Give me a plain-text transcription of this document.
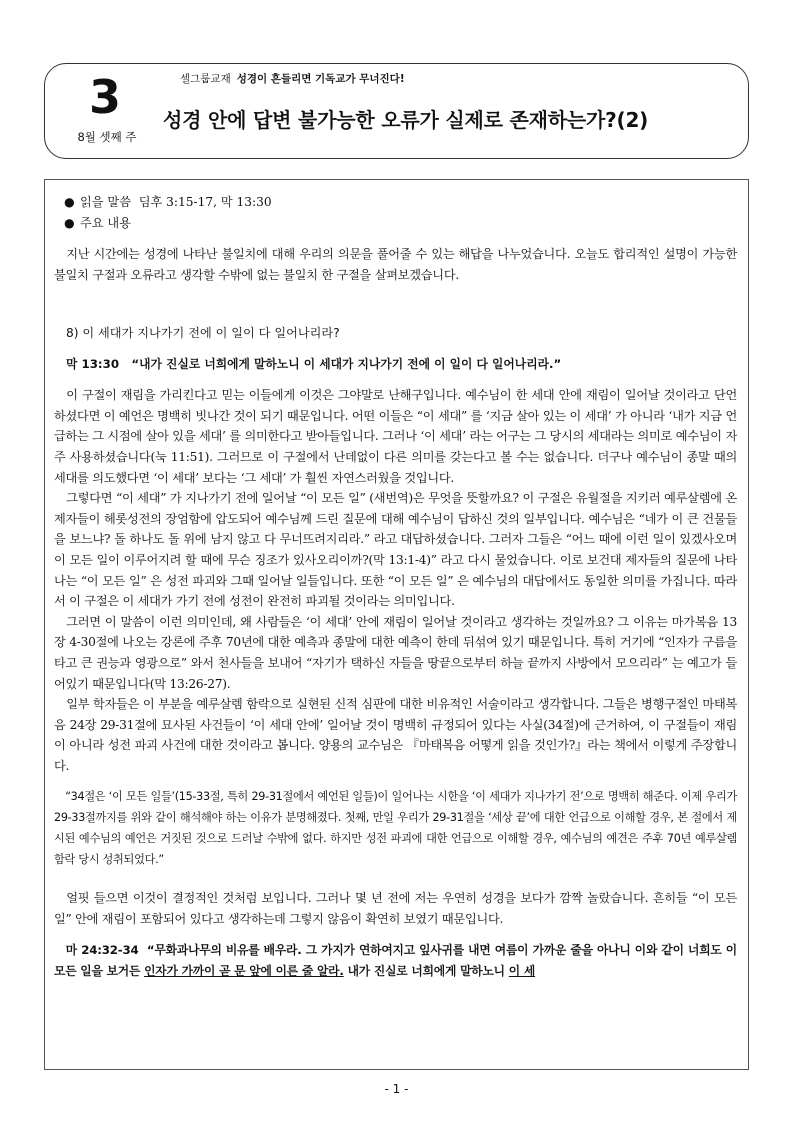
3
8월 셋째 주
셀그룹교재 성경이 흔들리면 기독교가 무너진다!
성경 안에 답변 불가능한 오류가 실제로 존재하는가?(2)
● 읽을 말씀 딤후 3:15-17, 막 13:30
● 주요 내용

지난 시간에는 성경에 나타난 불일치에 대해 우리의 의문을 풀어줄 수 있는 해답을 나누었습니다. 오늘도 합리적인 설명이 가능한 불일치 구절과 오류라고 생각할 수밖에 없는 불일치 한 구절을 살펴보겠습니다.

8) 이 세대가 지나가기 전에 이 일이 다 일어나리라?
막 13:30 “내가 진실로 너희에게 말하노니 이 세대가 지나가기 전에 이 일이 다 일어나리라.”

이 구절이 재림을 가리킨다고 믿는 이들에게 이것은 그야말로 난해구입니다. 예수님이 한 세대 안에 재림이 일어날 것이라고 단언하셨다면 이 예언은 명백히 빗나간 것이 되기 때문입니다. 어떤 이들은 “이 세대” 를 ‘지금 살아 있는 이 세대’ 가 아니라 ‘내가 지금 언급하는 그 시점에 살아 있을 세대’ 를 의미한다고 받아들입니다. 그러나 ‘이 세대’ 라는 어구는 그 당시의 세대라는 의미로 예수님이 자주 사용하셨습니다(눅 11:51). 그러므로 이 구절에서 난데없이 다른 의미를 갖는다고 볼 수는 없습니다. 더구나 예수님이 종말 때의 세대를 의도했다면 ‘이 세대’ 보다는 ‘그 세대’ 가 훨씬 자연스러웠을 것입니다.

그렇다면 “이 세대” 가 지나가기 전에 일어날 “이 모든 일” (새번역)은 무엇을 뜻할까요? 이 구절은 유월절을 지키러 예루살렘에 온 제자들이 헤롯성전의 장엄함에 압도되어 예수님께 드린 질문에 대해 예수님이 답하신 것의 일부입니다. 예수님은 “네가 이 큰 건물들을 보느냐? 돌 하나도 돌 위에 남지 않고 다 무너뜨려지리라.” 라고 대답하셨습니다. 그러자 그들은 “어느 때에 이런 일이 있겠사오며 이 모든 일이 이루어지려 할 때에 무슨 징조가 있사오리이까?(막 13:1-4)” 라고 다시 물었습니다. 이로 보건대 제자들의 질문에 나타나는 “이 모든 일” 은 성전 파괴와 그때 일어날 일들입니다. 또한 “이 모든 일” 은 예수님의 대답에서도 동일한 의미를 가집니다. 따라서 이 구절은 이 세대가 가기 전에 성전이 완전히 파괴될 것이라는 의미입니다.

그러면 이 말씀이 이런 의미인데, 왜 사람들은 ‘이 세대’ 안에 재림이 일어날 것이라고 생각하는 것일까요? 그 이유는 마가복음 13장 4-30절에 나오는 강론에 주후 70년에 대한 예측과 종말에 대한 예측이 한데 뒤섞여 있기 때문입니다. 특히 거기에 “인자가 구름을 타고 큰 권능과 영광으로” 와서 천사들을 보내어 “자기가 택하신 자들을 땅끝으로부터 하늘 끝까지 사방에서 모으리라” 는 예고가 들어있기 때문입니다(막 13:26-27).

일부 학자들은 이 부분을 예루살렘 함락으로 실현된 신적 심판에 대한 비유적인 서술이라고 생각합니다. 그들은 병행구절인 마태복음 24장 29-31절에 묘사된 사건들이 ‘이 세대 안에’ 일어날 것이 명백히 규정되어 있다는 사실(34절)에 근거하여, 이 구절들이 재림이 아니라 성전 파괴 사건에 대한 것이라고 봅니다. 양용의 교수님은 『마태복음 어떻게 읽을 것인가?』라는 책에서 이렇게 주장합니다.

“34절은 ‘이 모든 일들’(15-33절, 특히 29-31절에서 예언된 일들)이 일어나는 시한을 ‘이 세대가 지나가기 전’으로 명백히 해준다. 이제 우리가 29-33절까지를 위와 같이 해석해야 하는 이유가 분명해졌다. 첫째, 만일 우리가 29-31절을 ‘세상 끝’에 대한 언급으로 이해할 경우, 본 절에서 제시된 예수님의 예언은 거짓된 것으로 드러날 수밖에 없다. 하지만 성전 파괴에 대한 언급으로 이해할 경우, 예수님의 예견은 주후 70년 예루살렘 함락 당시 성취되었다.”

얼핏 들으면 이것이 결정적인 것처럼 보입니다. 그러나 몇 년 전에 저는 우연히 성경을 보다가 깜짝 놀랐습니다. 흔히들 “이 모든 일” 안에 재림이 포함되어 있다고 생각하는데 그렇지 않음이 확연히 보였기 때문입니다.

마 24:32-34 “무화과나무의 비유를 배우라. 그 가지가 연하여지고 잎사귀를 내면 여름이 가까운 줄을 아나니 이와 같이 너희도 이 모든 일을 보거든 인자가 가까이 곧 문 앞에 이른 줄 알라. 내가 진실로 너희에게 말하노니 이 세

- 1 -
